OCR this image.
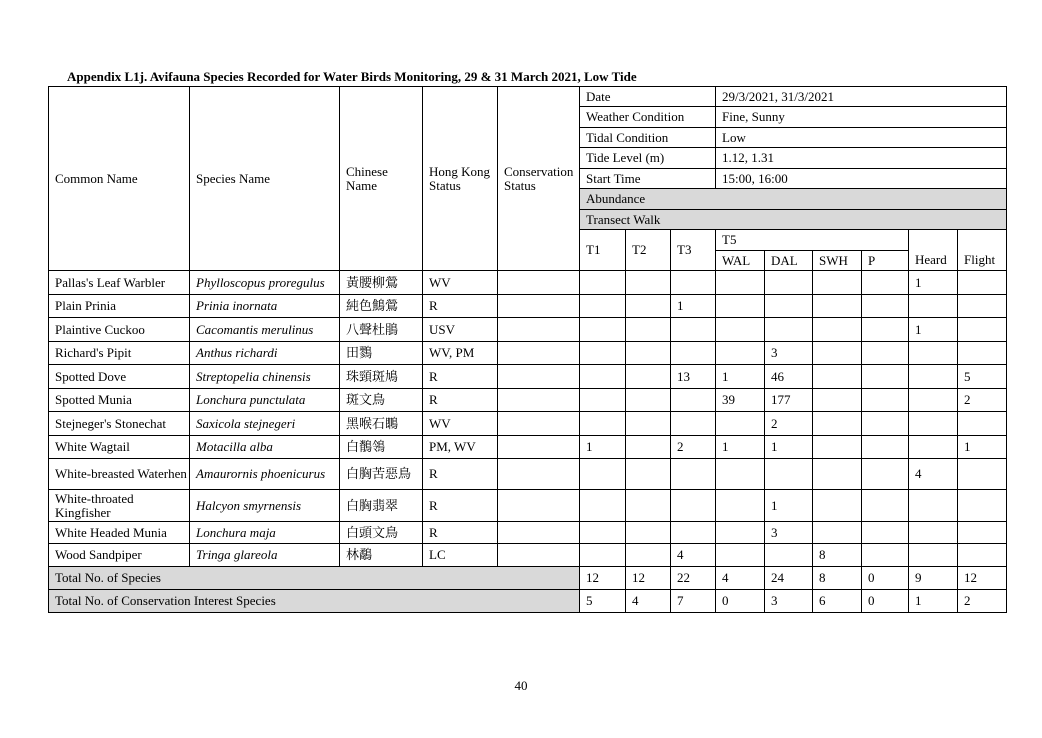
Appendix L1j. Avifauna Species Recorded for Water Birds Monitoring, 29 & 31 March 2021, Low Tide
Common Name	Species Name	Chinese Name	Hong Kong Status	Conservation Status	Date			29/3/2021, 31/3/2021					
					Weather Condition			Fine, Sunny					
					Tidal Condition			Low					
					Tide Level (m)			1.12, 1.31					
					Start Time			15:00, 16:00					
					Abundance								
					Transect Walk								
					T1	T2	T3	T5					
								WAL	DAL	SWH	P	Heard	Flight
Pallas's Leaf Warbler	Phylloscopus proregulus	黃腰柳鶯	WV									1	
Plain Prinia	Prinia inornata	純色鷦鶯	R				1						
Plaintive Cuckoo	Cacomantis merulinus	八聲杜鵑	USV									1	
Richard's Pipit	Anthus richardi	田鷚	WV, PM						3				
Spotted Dove	Streptopelia chinensis	珠頸斑鳩	R				13	1	46				5
Spotted Munia	Lonchura punctulata	斑文鳥	R					39	177				2
Stejneger's Stonechat	Saxicola stejnegeri	黑喉石䳭	WV						2				
White Wagtail	Motacilla alba	白鶺鴒	PM, WV		1		2	1	1				1
White-breasted Waterhen	Amaurornis phoenicurus	白胸苦惡鳥	R									4	
White-throated Kingfisher	Halcyon smyrnensis	白胸翡翠	R						1				
White Headed Munia	Lonchura maja	白頭文鳥	R						3				
Wood Sandpiper	Tringa glareola	林鷸	LC				4			8			
Total No. of Species					12	12	22	4	24	8	0	9	12
Total No. of Conservation Interest Species					5	4	7	0	3	6	0	1	2
40
